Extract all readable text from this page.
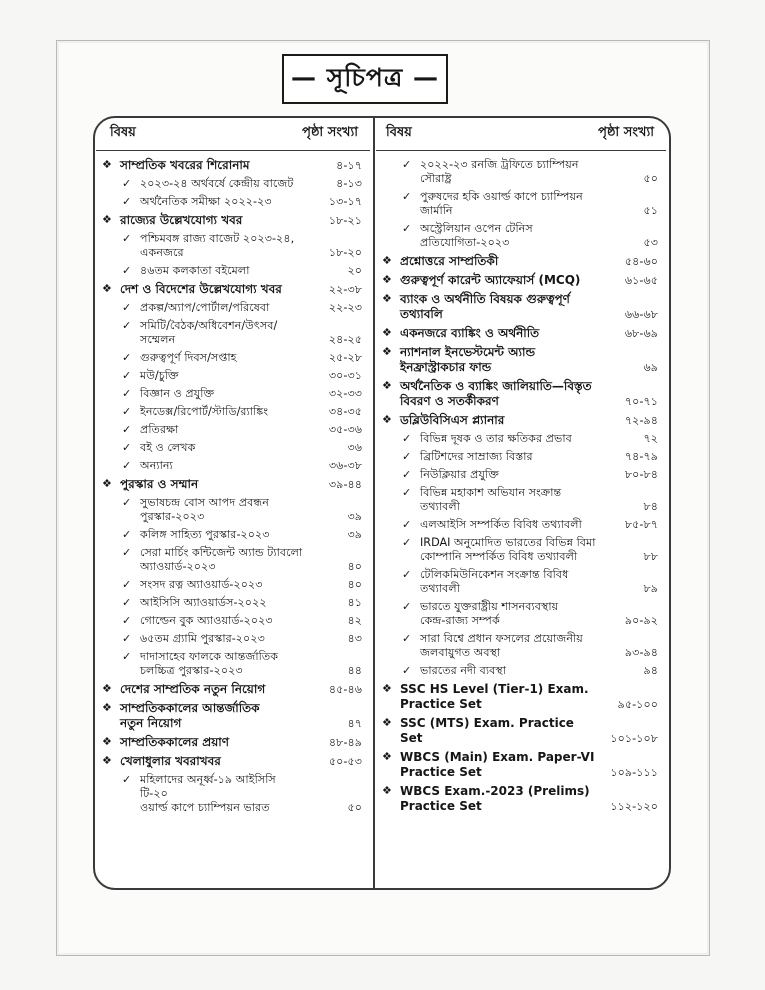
— সূচিপত্র —
বিষয়	পৃষ্ঠা সংখ্যা
❖ সাম্প্রতিক খবরের শিরোনাম	৪-১৭
✓ ২০২৩-২৪ অর্থবর্ষে কেন্দ্রীয় বাজেট	৪-১৩
✓ অর্থনৈতিক সমীক্ষা ২০২২-২৩	১৩-১৭
❖ রাজ্যের উল্লেখযোগ্য খবর	১৮-২১
✓ পশ্চিমবঙ্গ রাজ্য বাজেট ২০২৩-২৪,
একনজরে	১৮-২০
✓ ৪৬তম কলকাতা বইমেলা	২০
❖ দেশ ও বিদেশের উল্লেখযোগ্য খবর	২২-৩৮
✓ প্রকল্প/অ্যাপ/পোর্টাল/পরিষেবা	২২-২৩
✓ সমিটি/বৈঠক/অধিবেশন/উৎসব/
সম্মেলন	২৪-২৫
✓ গুরুত্বপূর্ণ দিবস/সপ্তাহ	২৫-২৮
✓ মউ/চুক্তি	৩০-৩১
✓ বিজ্ঞান ও প্রযুক্তি	৩২-৩৩
✓ ইনডেক্স/রিপোর্ট/স্টাডি/র‍্যাঙ্কিং	৩৪-৩৫
✓ প্রতিরক্ষা	৩৫-৩৬
✓ বই ও লেখক	৩৬
✓ অন্যান্য	৩৬-৩৮
❖ পুরস্কার ও সম্মান	৩৯-৪৪
✓ সুভাষচন্দ্র বোস আপদ প্রবন্ধন
পুরস্কার-২০২৩	৩৯
✓ কলিঙ্গ সাহিত্য পুরস্কার-২০২৩	৩৯
✓ সেরা মার্চিং কন্টিজেন্ট অ্যান্ড ট্যাবলো
অ্যাওয়ার্ড-২০২৩	৪০
✓ সংসদ রত্ন অ্যাওয়ার্ড-২০২৩	৪০
✓ আইসিসি অ্যাওয়ার্ডস-২০২২	৪১
✓ গোল্ডেন বুক অ্যাওয়ার্ড-২০২৩	৪২
✓ ৬৫তম গ্র্যামি পুরস্কার-২০২৩	৪৩
✓ দাদাসাহেব ফালকে আন্তর্জাতিক
চলচ্চিত্র পুরস্কার-২০২৩	৪৪
❖ দেশের সাম্প্রতিক নতুন নিয়োগ	৪৫-৪৬
❖ সাম্প্রতিককালের আন্তর্জাতিক
নতুন নিয়োগ	৪৭
❖ সাম্প্রতিককালের প্রয়াণ	৪৮-৪৯
❖ খেলাধুলার খবরাখবর	৫০-৫৩
✓ মহিলাদের অনূর্ধ্ব-১৯ আইসিসি টি-২০
ওয়ার্ল্ড কাপে চ্যাম্পিয়ন ভারত	৫০
বিষয়	পৃষ্ঠা সংখ্যা
✓ ২০২২-২৩ রনজি ট্রফিতে চ্যাম্পিয়ন
সৌরাষ্ট্র	৫০
✓ পুরুষদের হকি ওয়ার্ল্ড কাপে চ্যাম্পিয়ন
জার্মানি	৫১
✓ অস্ট্রেলিয়ান ওপেন টেনিস
প্রতিযোগিতা-২০২৩	৫৩
❖ প্রশ্নোত্তরে সাম্প্রতিকী	৫৪-৬০
❖ গুরুত্বপূর্ণ কারেন্ট অ্যাফেয়ার্স (MCQ)	৬১-৬৫
❖ ব্যাংক ও অর্থনীতি বিষয়ক গুরুত্বপূর্ণ
তথ্যাবলি	৬৬-৬৮
❖ একনজরে ব্যাঙ্কিং ও অর্থনীতি	৬৮-৬৯
❖ ন্যাশনাল ইনভেস্টমেন্ট অ্যান্ড
ইনফ্রাস্ট্রাকচার ফান্ড	৬৯
❖ অর্থনৈতিক ও ব্যাঙ্কিং জালিয়াতি—বিস্তৃত
বিবরণ ও সতর্কীকরণ	৭০-৭১
❖ ডব্লিউবিসিএস প্ল্যানার	৭২-৯৪
✓ বিভিন্ন দূষক ও তার ক্ষতিকর প্রভাব	৭২
✓ ব্রিটিশদের সাম্রাজ্য বিস্তার	৭৪-৭৯
✓ নিউক্লিয়ার প্রযুক্তি	৮০-৮৪
✓ বিভিন্ন মহাকাশ অভিযান সংক্রান্ত
তথ্যাবলী	৮৪
✓ এলআইসি সম্পর্কিত বিবিধ তথ্যাবলী	৮৫-৮৭
✓ IRDAI অনুমোদিত ভারতের বিভিন্ন বিমা
কোম্পানি সম্পর্কিত বিবিধ তথ্যাবলী	৮৮
✓ টেলিকমিউনিকেশন সংক্রান্ত বিবিধ
তথ্যাবলী	৮৯
✓ ভারতে যুক্তরাষ্ট্রীয় শাসনব্যবস্থায়
কেন্দ্র-রাজ্য সম্পর্ক	৯০-৯২
✓ সারা বিশ্বে প্রধান ফসলের প্রয়োজনীয়
জলবায়ুগত অবস্থা	৯৩-৯৪
✓ ভারতের নদী ব্যবস্থা	৯৪
❖ SSC HS Level (Tier-1) Exam.
Practice Set	৯৫-১০০
❖ SSC (MTS) Exam. Practice Set	১০১-১০৮
❖ WBCS (Main) Exam. Paper-VI
Practice Set	১০৯-১১১
❖ WBCS Exam.-2023 (Prelims)
Practice Set	১১২-১২০
